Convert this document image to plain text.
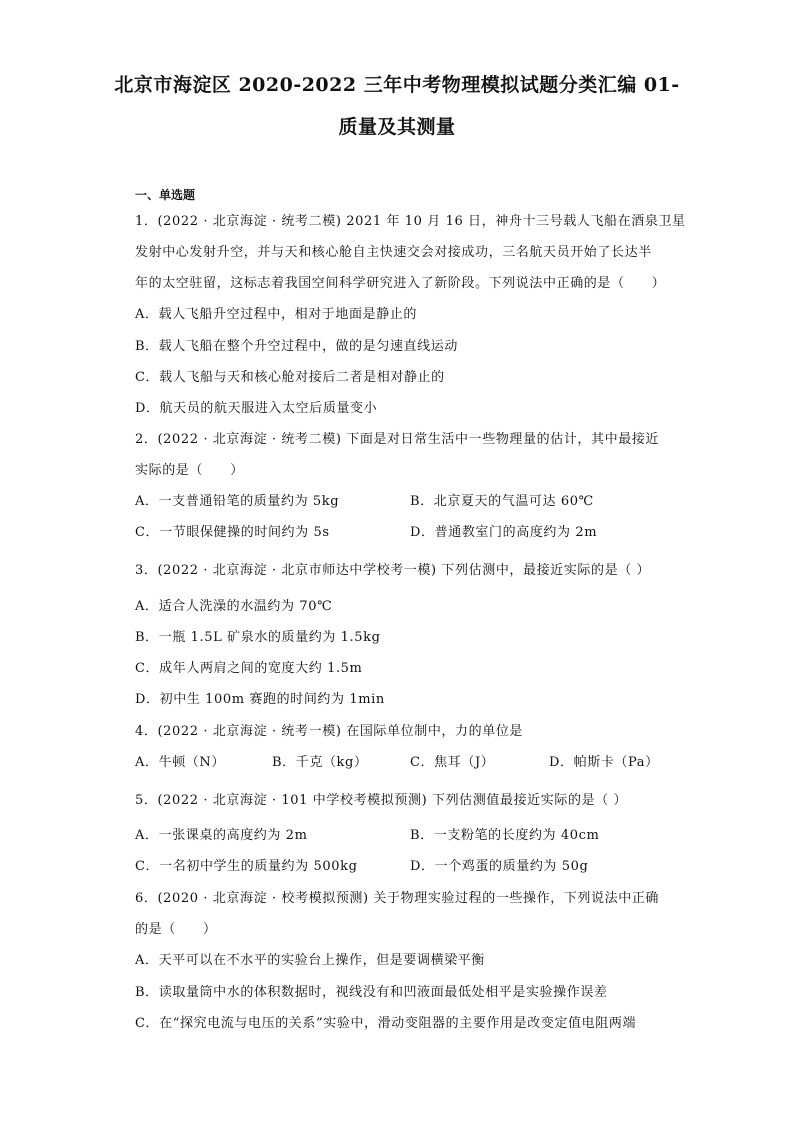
北京市海淀区 2020-2022 三年中考物理模拟试题分类汇编 01-
质量及其测量
一、单选题
1．(2022 · 北京海淀 · 统考二模) 2021 年 10 月 16 日，神舟十三号载人飞船在酒泉卫星
发射中心发射升空，并与天和核心舱自主快速交会对接成功，三名航天员开始了长达半
年的太空驻留，这标志着我国空间科学研究进入了新阶段。下列说法中正确的是（　　）
A．载人飞船升空过程中，相对于地面是静止的
B．载人飞船在整个升空过程中，做的是匀速直线运动
C．载人飞船与天和核心舱对接后二者是相对静止的
D．航天员的航天服进入太空后质量变小
2．(2022 · 北京海淀 · 统考二模) 下面是对日常生活中一些物理量的估计，其中最接近
实际的是（　　）
A．一支普通铅笔的质量约为 5kg	B．北京夏天的气温可达 60℃
C．一节眼保健操的时间约为 5s	D．普通教室门的高度约为 2m
3．(2022 · 北京海淀 · 北京市师达中学校考一模) 下列估测中，最接近实际的是（ ）
A．适合人洗澡的水温约为 70℃
B．一瓶 1.5L 矿泉水的质量约为 1.5kg
C．成年人两肩之间的宽度大约 1.5m
D．初中生 100m 赛跑的时间约为 1min
4．(2022 · 北京海淀 · 统考一模) 在国际单位制中，力的单位是
A．牛顿（N）	B．千克（kg）	C．焦耳（J）	D．帕斯卡（Pa）
5．(2022 · 北京海淀 · 101 中学校考模拟预测) 下列估测值最接近实际的是（ ）
A．一张课桌的高度约为 2m	B．一支粉笔的长度约为 40cm
C．一名初中学生的质量约为 500kg	D．一个鸡蛋的质量约为 50g
6．(2020 · 北京海淀 · 校考模拟预测) 关于物理实验过程的一些操作，下列说法中正确
的是（　　）
A．天平可以在不水平的实验台上操作，但是要调横梁平衡
B．读取量筒中水的体积数据时，视线没有和凹液面最低处相平是实验操作误差
C．在“探究电流与电压的关系”实验中，滑动变阻器的主要作用是改变定值电阻两端
